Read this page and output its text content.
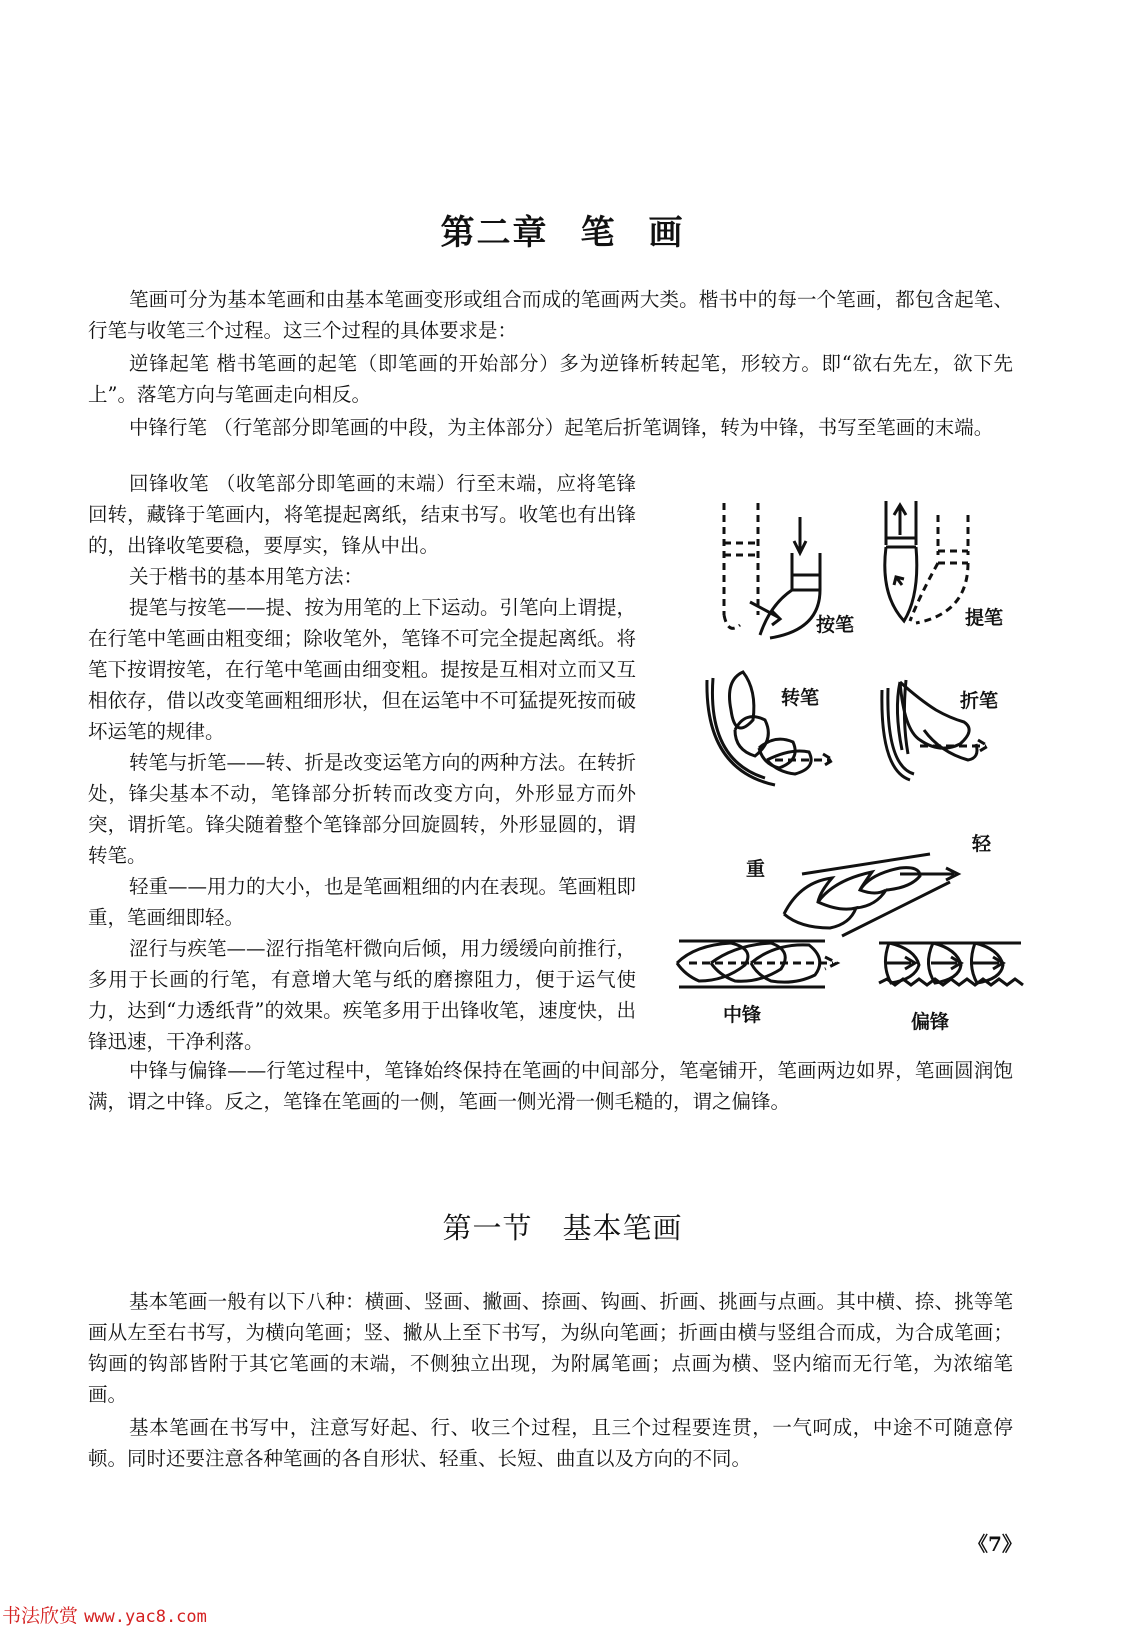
第二章 笔 画

笔画可分为基本笔画和由基本笔画变形或组合而成的笔画两大类。楷书中的每一个笔画，都包含起笔、行笔与收笔三个过程。这三个过程的具体要求是：

逆锋起笔 楷书笔画的起笔（即笔画的开始部分）多为逆锋析转起笔，形较方。即“欲右先左，欲下先上”。落笔方向与笔画走向相反。

中锋行笔 （行笔部分即笔画的中段，为主体部分）起笔后折笔调锋，转为中锋，书写至笔画的末端。

回锋收笔 （收笔部分即笔画的末端）行至末端，应将笔锋回转，藏锋于笔画内，将笔提起离纸，结束书写。收笔也有出锋的，出锋收笔要稳，要厚实，锋从中出。

关于楷书的基本用笔方法：

提笔与按笔——提、按为用笔的上下运动。引笔向上谓提，在行笔中笔画由粗变细；除收笔外，笔锋不可完全提起离纸。将笔下按谓按笔，在行笔中笔画由细变粗。提按是互相对立而又互相依存，借以改变笔画粗细形状，但在运笔中不可猛提死按而破坏运笔的规律。

转笔与折笔——转、折是改变运笔方向的两种方法。在转折处，锋尖基本不动，笔锋部分折转而改变方向，外形显方而外突，谓折笔。锋尖随着整个笔锋部分回旋圆转，外形显圆的，谓转笔。

轻重——用力的大小，也是笔画粗细的内在表现。笔画粗即重，笔画细即轻。

涩行与疾笔——涩行指笔杆微向后倾，用力缓缓向前推行，多用于长画的行笔，有意增大笔与纸的磨擦阻力，便于运气使力，达到“力透纸背”的效果。疾笔多用于出锋收笔，速度快，出锋迅速，干净利落。

中锋与偏锋——行笔过程中，笔锋始终保持在笔画的中间部分，笔毫铺开，笔画两边如界，笔画圆润饱满，谓之中锋。反之，笔锋在笔画的一侧，笔画一侧光滑一侧毛糙的，谓之偏锋。

按笔	提笔
转笔	折笔
重
轻
中锋	偏锋
第一节 基本笔画

基本笔画一般有以下八种：横画、竖画、撇画、捺画、钩画、折画、挑画与点画。其中横、捺、挑等笔画从左至右书写，为横向笔画；竖、撇从上至下书写，为纵向笔画；折画由横与竖组合而成，为合成笔画；钩画的钩部皆附于其它笔画的末端，不侧独立出现，为附属笔画；点画为横、竖内缩而无行笔，为浓缩笔画。

基本笔画在书写中，注意写好起、行、收三个过程，且三个过程要连贯，一气呵成，中途不可随意停顿。同时还要注意各种笔画的各自形状、轻重、长短、曲直以及方向的不同。

《7》
书法欣赏 www.yac8.com
